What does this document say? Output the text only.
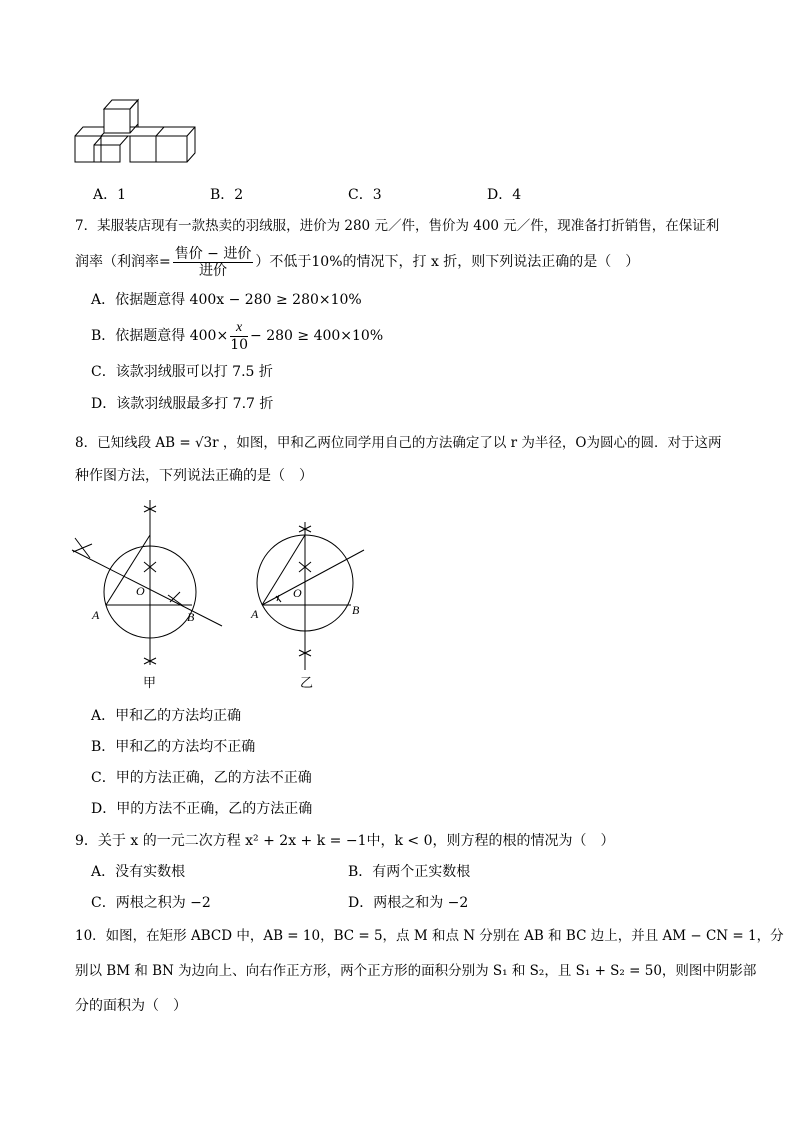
A．1	B．2	C．3	D．4
7．某服装店现有一款热卖的羽绒服，进价为 280 元／件，售价为 400 元／件，现准备打折销售，在保证利
润率（利润率= $\frac{\text{售价 − 进价}}{\text{进价}}$ ）不低于10%的情况下，打 x 折，则下列说法正确的是（　）
A．依据题意得 400x − 280 ≥ 280×10%
B．依据题意得 $400\times \frac{x}{10} - 280 \ge 400\times 10\%$
C．该款羽绒服可以打 7.5 折
D．该款羽绒服最多打 7.7 折
8．已知线段 AB = √3r ，如图，甲和乙两位同学用自己的方法确定了以 r 为半径，O为圆心的圆．对于这两
种作图方法，下列说法正确的是（　）
O
A	B
甲
O
A	B
乙
A．甲和乙的方法均正确
B．甲和乙的方法均不正确
C．甲的方法正确，乙的方法不正确
D．甲的方法不正确，乙的方法正确
9．关于 x 的一元二次方程 x² + 2x + k = −1中，k < 0，则方程的根的情况为（　）
A．没有实数根	B．有两个正实数根
C．两根之积为 −2	D．两根之和为 −2
10．如图，在矩形 ABCD 中，AB = 10，BC = 5，点 M 和点 N 分别在 AB 和 BC 边上，并且 AM − CN = 1，分
别以 BM 和 BN 为边向上、向右作正方形，两个正方形的面积分别为 S₁ 和 S₂，且 S₁ + S₂ = 50，则图中阴影部
分的面积为（　）
